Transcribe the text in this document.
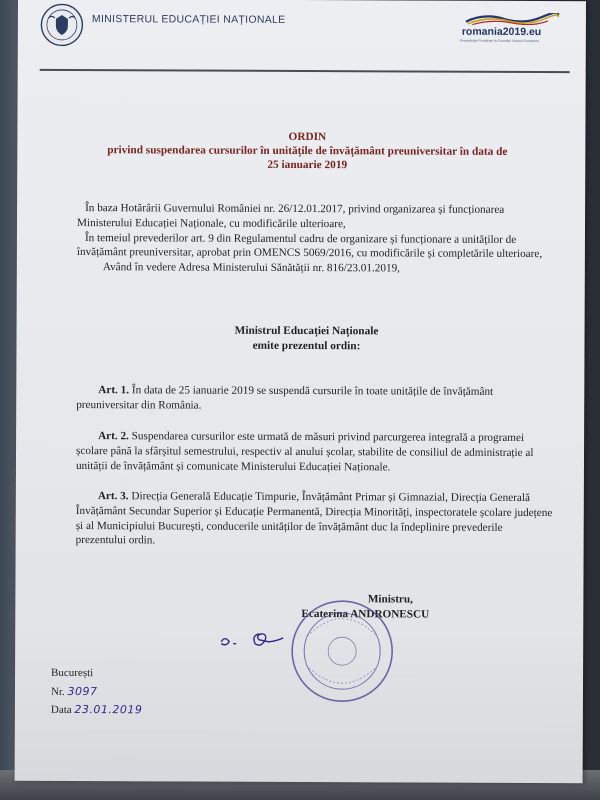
MINISTERUL EDUCAȚIEI NAȚIONALE
romania2019.eu
Preşedinţia României la Consiliul Uniunii Europene
ORDIN
privind suspendarea cursurilor în unitățile de învățământ preuniversitar în data de
25 ianuarie 2019
În baza Hotărârii Guvernului României nr. 26/12.01.2017, privind organizarea și funcționarea
Ministerului Educației Naționale, cu modificările ulterioare,
În temeiul prevederilor art. 9 din Regulamentul cadru de organizare și funcționare a unităților de
învățământ preuniversitar, aprobat prin OMENCS 5069/2016, cu modificările și completările ulterioare,
Având în vedere Adresa Ministerului Sănătății nr. 816/23.01.2019,
Ministrul Educației Naționale
emite prezentul ordin:
Art. 1. În data de 25 ianuarie 2019 se suspendă cursurile în toate unitățile de învățământ
preuniversitar din România.
Art. 2. Suspendarea cursurilor este urmată de măsuri privind parcurgerea integrală a programei
școlare până la sfârșitul semestrului, respectiv al anului școlar, stabilite de consiliul de administrație al
unității de învățământ și comunicate Ministerului Educației Naționale.
Art. 3. Direcția Generală Educație Timpurie, Învățământ Primar și Gimnazial, Direcția Generală
Învățământ Secundar Superior și Educație Permanentă, Direcția Minorități, inspectoratele școlare județene
și al Municipiului București, conducerile unităților de învățământ duc la îndeplinire prevederile
prezentului ordin.
Ministru,
Ecaterina ANDRONESCU
București
Nr. 3097
Data 23.01.2019
